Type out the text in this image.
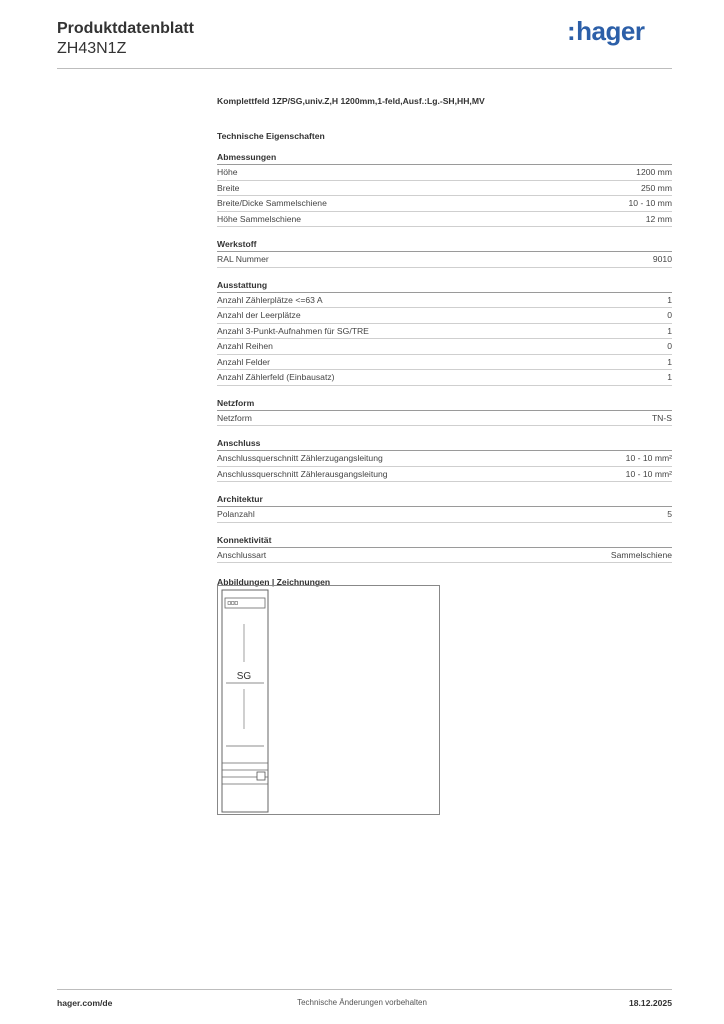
Produktdatenblatt
ZH43N1Z
:hager
Komplettfeld 1ZP/SG,univ.Z,H 1200mm,1-feld,Ausf.:Lg.-SH,HH,MV
Technische Eigenschaften
Abmessungen
Höhe	1200 mm
Breite	250 mm
Breite/Dicke Sammelschiene	10 - 10 mm
Höhe Sammelschiene	12 mm
Werkstoff
RAL Nummer	9010
Ausstattung
Anzahl Zählerplätze <=63 A	1
Anzahl der Leerplätze	0
Anzahl 3-Punkt-Aufnahmen für SG/TRE	1
Anzahl Reihen	0
Anzahl Felder	1
Anzahl Zählerfeld (Einbausatz)	1
Netzform
Netzform	TN-S
Anschluss
Anschlussquerschnitt Zählerzugangsleitung	10 - 10 mm²
Anschlussquerschnitt Zählerausgangsleitung	10 - 10 mm²
Architektur
Polanzahl	5
Konnektivität
Anschlussart	Sammelschiene
Abbildungen | Zeichnungen
SG
hager.com/de	Technische Änderungen vorbehalten	18.12.2025
